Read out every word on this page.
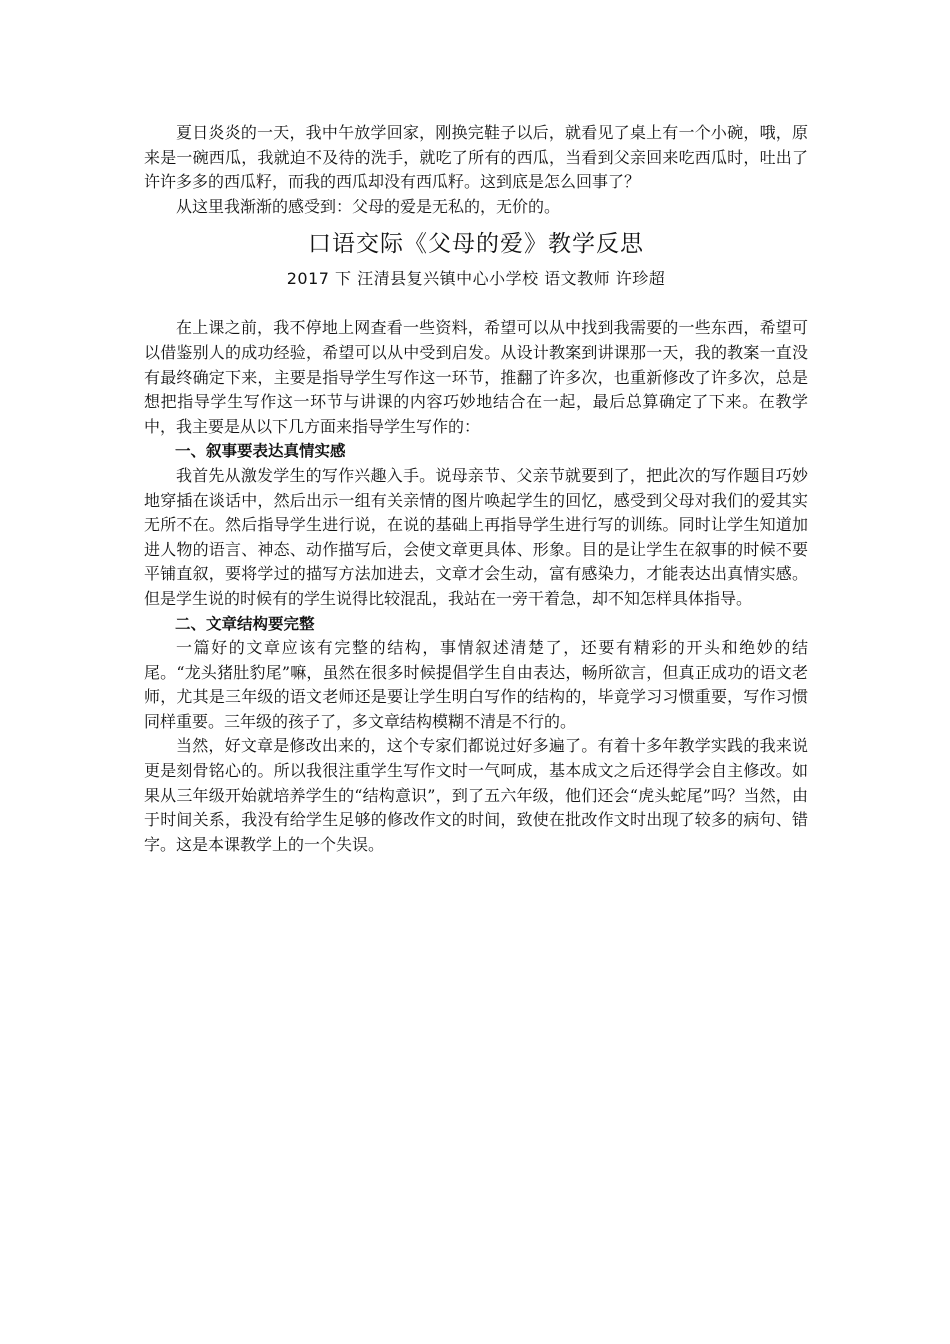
夏日炎炎的一天，我中午放学回家，刚换完鞋子以后，就看见了桌上有一个小碗，哦，原来是一碗西瓜，我就迫不及待的洗手，就吃了所有的西瓜，当看到父亲回来吃西瓜时，吐出了许许多多的西瓜籽，而我的西瓜却没有西瓜籽。这到底是怎么回事了？

从这里我渐渐的感受到：父母的爱是无私的，无价的。

口语交际《父母的爱》教学反思
2017 下 汪清县复兴镇中心小学校 语文教师 许珍超

在上课之前，我不停地上网查看一些资料，希望可以从中找到我需要的一些东西，希望可以借鉴别人的成功经验，希望可以从中受到启发。从设计教案到讲课那一天，我的教案一直没有最终确定下来，主要是指导学生写作这一环节，推翻了许多次，也重新修改了许多次，总是想把指导学生写作这一环节与讲课的内容巧妙地结合在一起，最后总算确定了下来。在教学中，我主要是从以下几方面来指导学生写作的：

一、叙事要表达真情实感

我首先从激发学生的写作兴趣入手。说母亲节、父亲节就要到了，把此次的写作题目巧妙地穿插在谈话中，然后出示一组有关亲情的图片唤起学生的回忆，感受到父母对我们的爱其实无所不在。然后指导学生进行说，在说的基础上再指导学生进行写的训练。同时让学生知道加进人物的语言、神态、动作描写后，会使文章更具体、形象。目的是让学生在叙事的时候不要平铺直叙，要将学过的描写方法加进去，文章才会生动，富有感染力，才能表达出真情实感。但是学生说的时候有的学生说得比较混乱，我站在一旁干着急，却不知怎样具体指导。

二、文章结构要完整

一篇好的文章应该有完整的结构，事情叙述清楚了，还要有精彩的开头和绝妙的结尾。“龙头猪肚豹尾”嘛，虽然在很多时候提倡学生自由表达，畅所欲言，但真正成功的语文老师，尤其是三年级的语文老师还是要让学生明白写作的结构的，毕竟学习习惯重要，写作习惯同样重要。三年级的孩子了，多文章结构模糊不清是不行的。

当然，好文章是修改出来的，这个专家们都说过好多遍了。有着十多年教学实践的我来说更是刻骨铭心的。所以我很注重学生写作文时一气呵成，基本成文之后还得学会自主修改。如果从三年级开始就培养学生的“结构意识”，到了五六年级，他们还会“虎头蛇尾”吗？当然，由于时间关系，我没有给学生足够的修改作文的时间，致使在批改作文时出现了较多的病句、错字。这是本课教学上的一个失误。
